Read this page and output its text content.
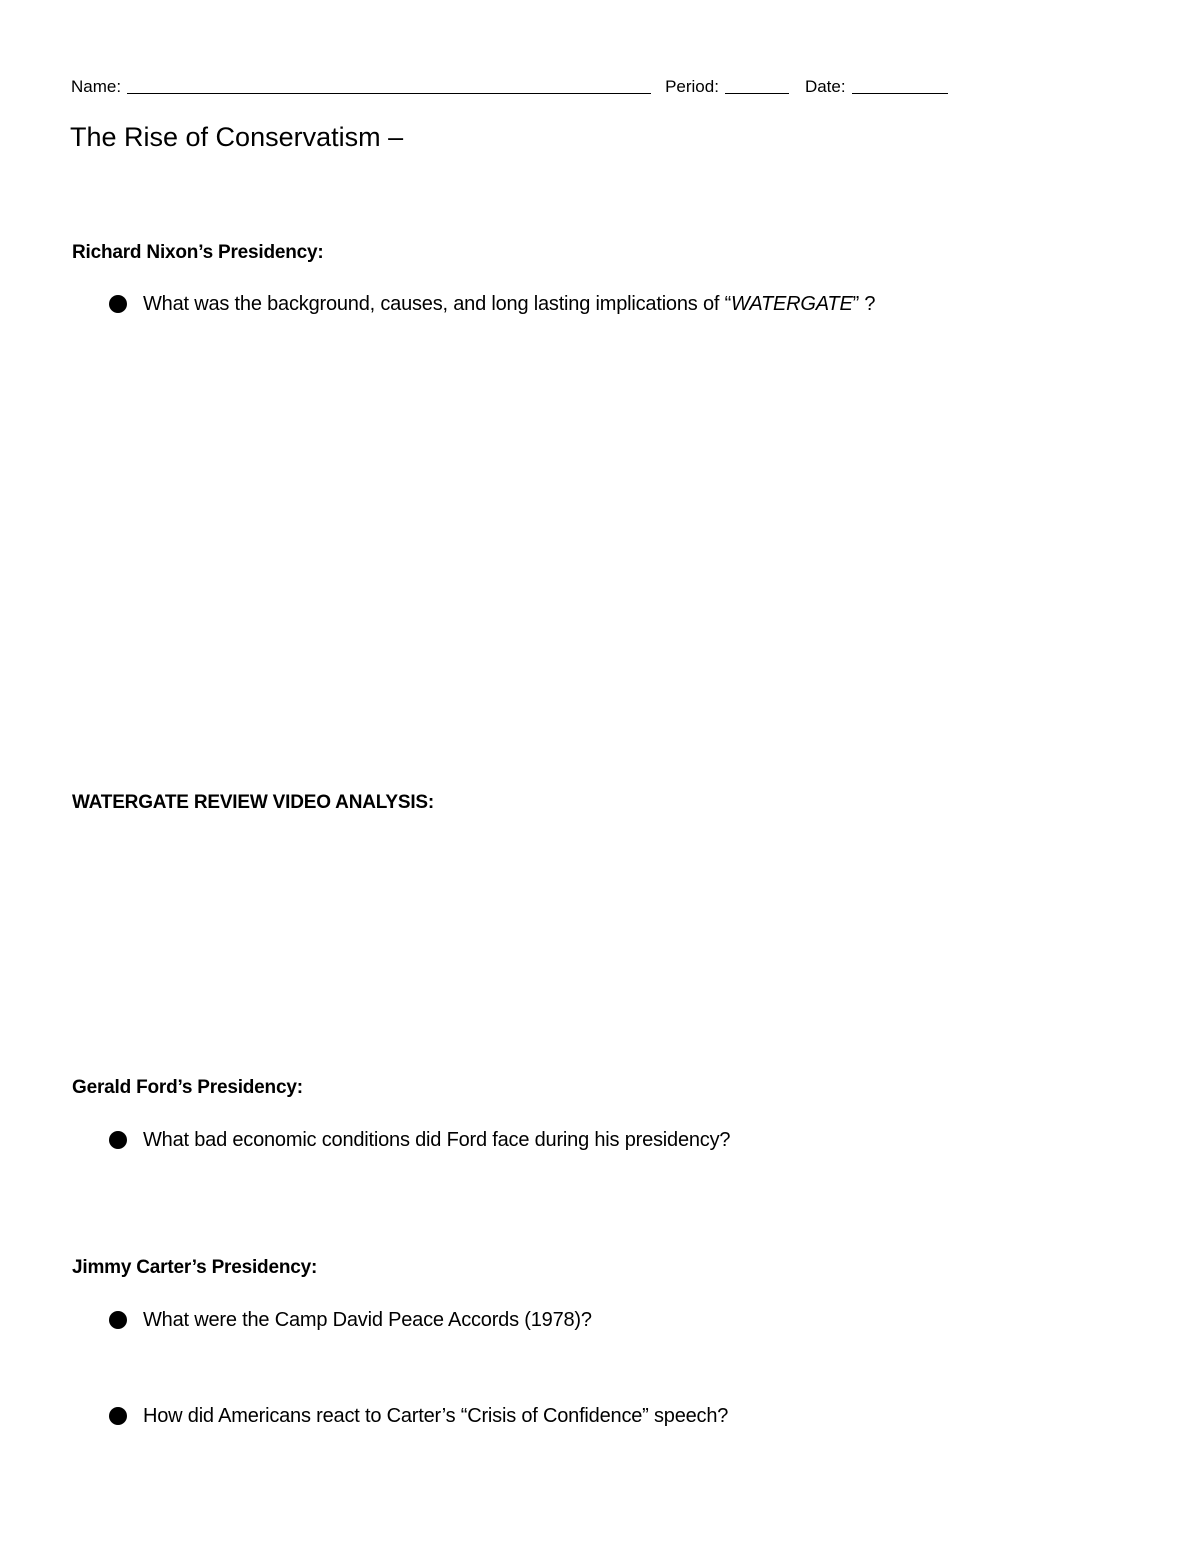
Name:	Period:	Date:
The Rise of Conservatism –
Richard Nixon’s Presidency:
What was the background, causes, and long lasting implications of “WATERGATE” ?
WATERGATE REVIEW VIDEO ANALYSIS:
Gerald Ford’s Presidency:
What bad economic conditions did Ford face during his presidency?
Jimmy Carter’s Presidency:
What were the Camp David Peace Accords (1978)?
How did Americans react to Carter’s “Crisis of Confidence” speech?
